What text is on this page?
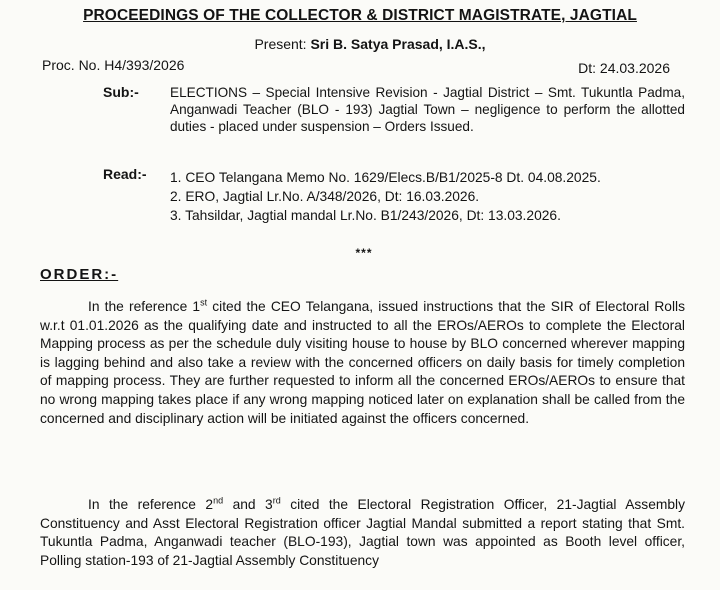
PROCEEDINGS OF THE COLLECTOR & DISTRICT MAGISTRATE, JAGTIAL
Present: Sri B. Satya Prasad, I.A.S.,
Proc. No. H4/393/2026	Dt: 24.03.2026
Sub:- ELECTIONS – Special Intensive Revision - Jagtial District – Smt. Tukuntla Padma, Anganwadi Teacher (BLO - 193) Jagtial Town – negligence to perform the allotted duties - placed under suspension – Orders Issued.
Read:- 1. CEO Telangana Memo No. 1629/Elecs.B/B1/2025-8 Dt. 04.08.2025.
2. ERO, Jagtial Lr.No. A/348/2026, Dt: 16.03.2026.
3. Tahsildar, Jagtial mandal Lr.No. B1/243/2026, Dt: 13.03.2026.
***
ORDER:-
In the reference 1st cited the CEO Telangana, issued instructions that the SIR of Electoral Rolls w.r.t 01.01.2026 as the qualifying date and instructed to all the EROs/AEROs to complete the Electoral Mapping process as per the schedule duly visiting house to house by BLO concerned wherever mapping is lagging behind and also take a review with the concerned officers on daily basis for timely completion of mapping process. They are further requested to inform all the concerned EROs/AEROs to ensure that no wrong mapping takes place if any wrong mapping noticed later on explanation shall be called from the concerned and disciplinary action will be initiated against the officers concerned.
In the reference 2nd and 3rd cited the Electoral Registration Officer, 21-Jagtial Assembly Constituency and Asst Electoral Registration officer Jagtial Mandal submitted a report stating that Smt. Tukuntla Padma, Anganwadi teacher (BLO-193), Jagtial town was appointed as Booth level officer, Polling station-193 of 21-Jagtial Assembly Constituency
